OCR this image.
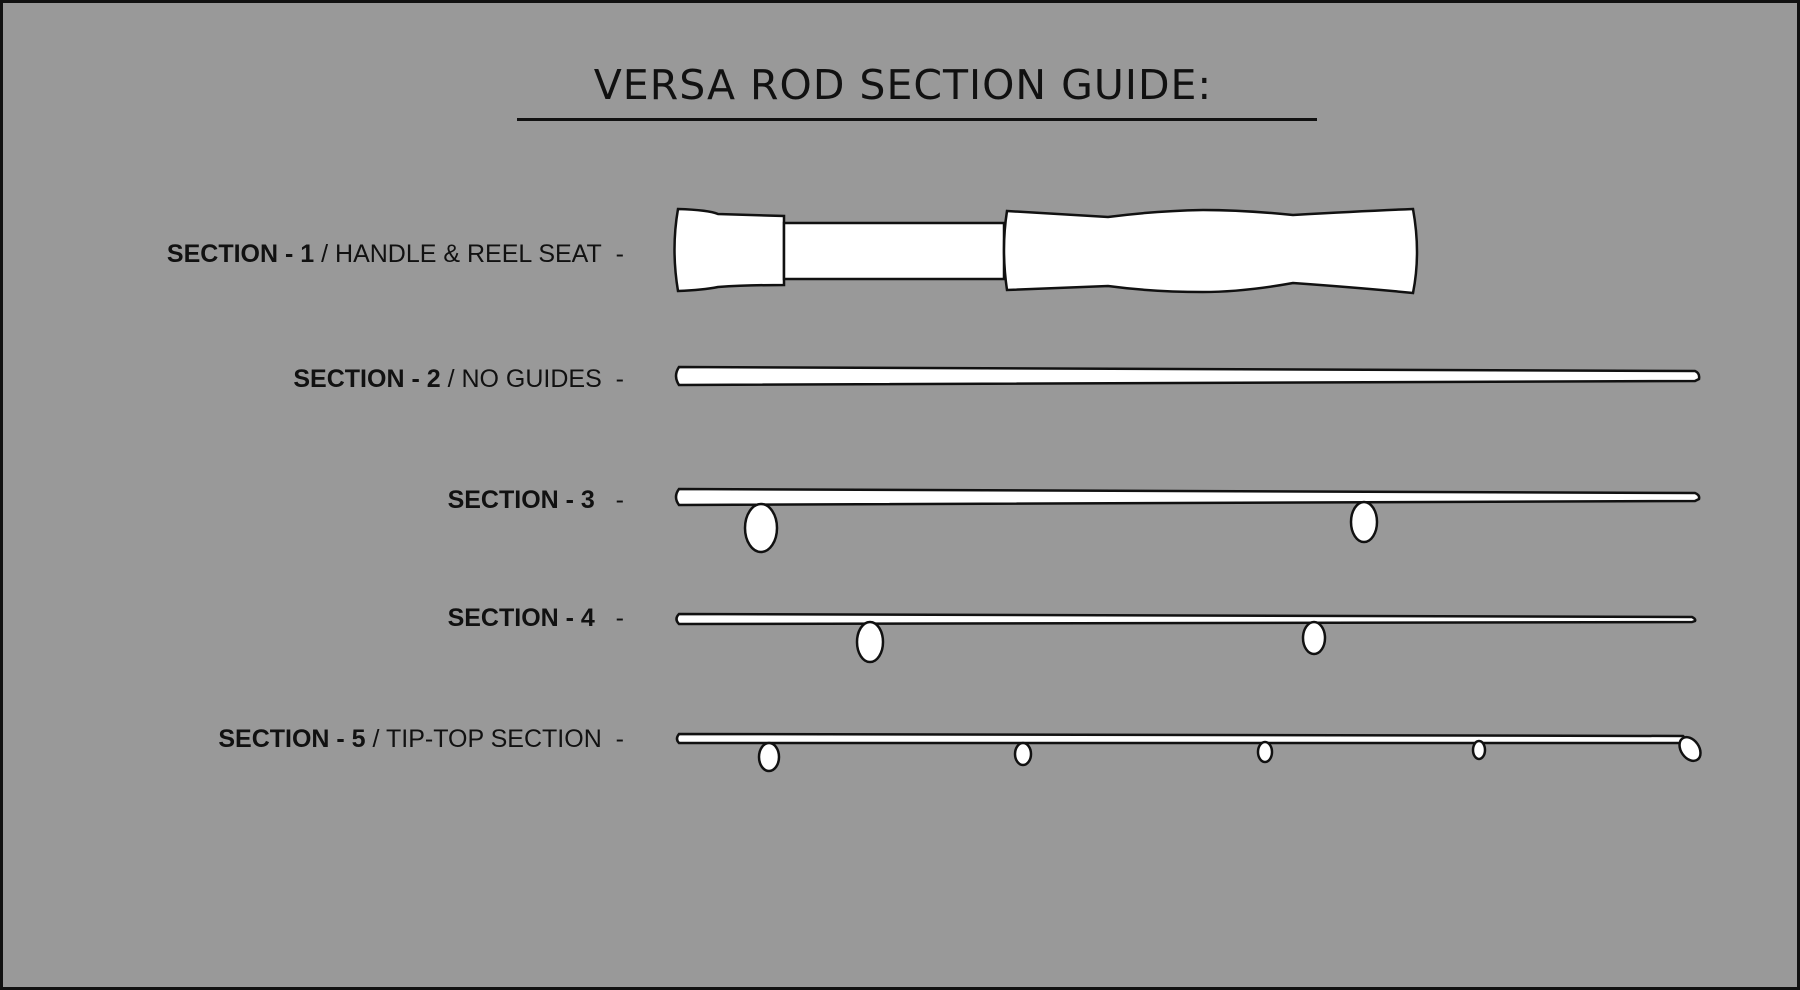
VERSA ROD SECTION GUIDE:
SECTION - 1 / HANDLE & REEL SEAT -
SECTION - 2 / NO GUIDES -
SECTION - 3 -
SECTION - 4 -
SECTION - 5 / TIP-TOP SECTION -
